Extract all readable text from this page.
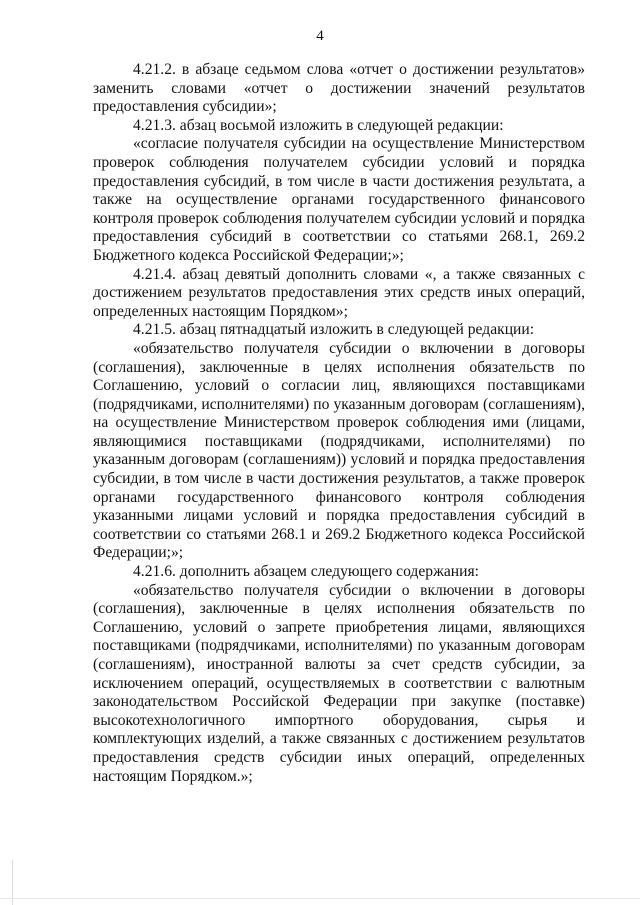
4

4.21.2. в абзаце седьмом слова «отчет о достижении результатов» заменить словами «отчет о достижении значений результатов предоставления субсидии»;

4.21.3. абзац восьмой изложить в следующей редакции:

«согласие получателя субсидии на осуществление Министерством проверок соблюдения получателем субсидии условий и порядка предоставления субсидий, в том числе в части достижения результата, а также на осуществление органами государственного финансового контроля проверок соблюдения получателем субсидии условий и порядка предоставления субсидий в соответствии со статьями 268.1, 269.2 Бюджетного кодекса Российской Федерации;»;

4.21.4. абзац девятый дополнить словами «, а также связанных с достижением результатов предоставления этих средств иных операций, определенных настоящим Порядком»;

4.21.5. абзац пятнадцатый изложить в следующей редакции:

«обязательство получателя субсидии о включении в договоры (соглашения), заключенные в целях исполнения обязательств по Соглашению, условий о согласии лиц, являющихся поставщиками (подрядчиками, исполнителями) по указанным договорам (соглашениям), на осуществление Министерством проверок соблюдения ими (лицами, являющимися поставщиками (подрядчиками, исполнителями) по указанным договорам (соглашениям)) условий и порядка предоставления субсидии, в том числе в части достижения результатов, а также проверок органами государственного финансового контроля соблюдения указанными лицами условий и порядка предоставления субсидий в соответствии со статьями 268.1 и 269.2 Бюджетного кодекса Российской Федерации;»;

4.21.6. дополнить абзацем следующего содержания:

«обязательство получателя субсидии о включении в договоры (соглашения), заключенные в целях исполнения обязательств по Соглашению, условий о запрете приобретения лицами, являющихся поставщиками (подрядчиками, исполнителями) по указанным договорам (соглашениям), иностранной валюты за счет средств субсидии, за исключением операций, осуществляемых в соответствии с валютным законодательством Российской Федерации при закупке (поставке) высокотехнологичного импортного оборудования, сырья и комплектующих изделий, а также связанных с достижением результатов предоставления средств субсидии иных операций, определенных настоящим Порядком.»;
